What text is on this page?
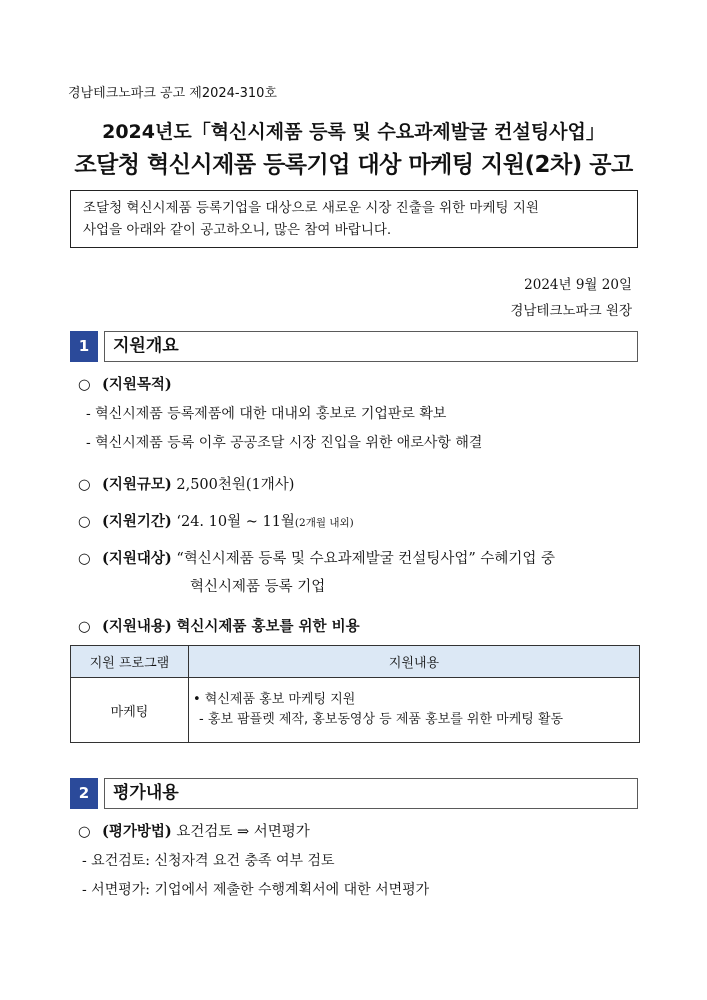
경남테크노파크 공고 제2024-310호
2024년도「혁신시제품 등록 및 수요과제발굴 컨설팅사업」
조달청 혁신시제품 등록기업 대상 마케팅 지원(2차) 공고
조달청 혁신시제품 등록기업을 대상으로 새로운 시장 진출을 위한 마케팅 지원
사업을 아래와 같이 공고하오니, 많은 참여 바랍니다.
2024년 9월 20일
경남테크노파크 원장
1	지원개요
○ (지원목적)
- 혁신시제품 등록제품에 대한 대내외 홍보로 기업판로 확보
- 혁신시제품 등록 이후 공공조달 시장 진입을 위한 애로사항 해결
○ (지원규모) 2,500천원(1개사)
○ (지원기간) ‘24. 10월 ~ 11월(2개월 내외)
○ (지원대상) “혁신시제품 등록 및 수요과제발굴 컨설팅사업” 수혜기업 중
혁신시제품 등록 기업
○ (지원내용) 혁신시제품 홍보를 위한 비용
지원 프로그램	지원내용
마케팅	• 혁신제품 홍보 마케팅 지원
- 홍보 팜플렛 제작, 홍보동영상 등 제품 홍보를 위한 마케팅 활동
2	평가내용
○ (평가방법) 요건검토 ⇒ 서면평가
- 요건검토: 신청자격 요건 충족 여부 검토
- 서면평가: 기업에서 제출한 수행계획서에 대한 서면평가
